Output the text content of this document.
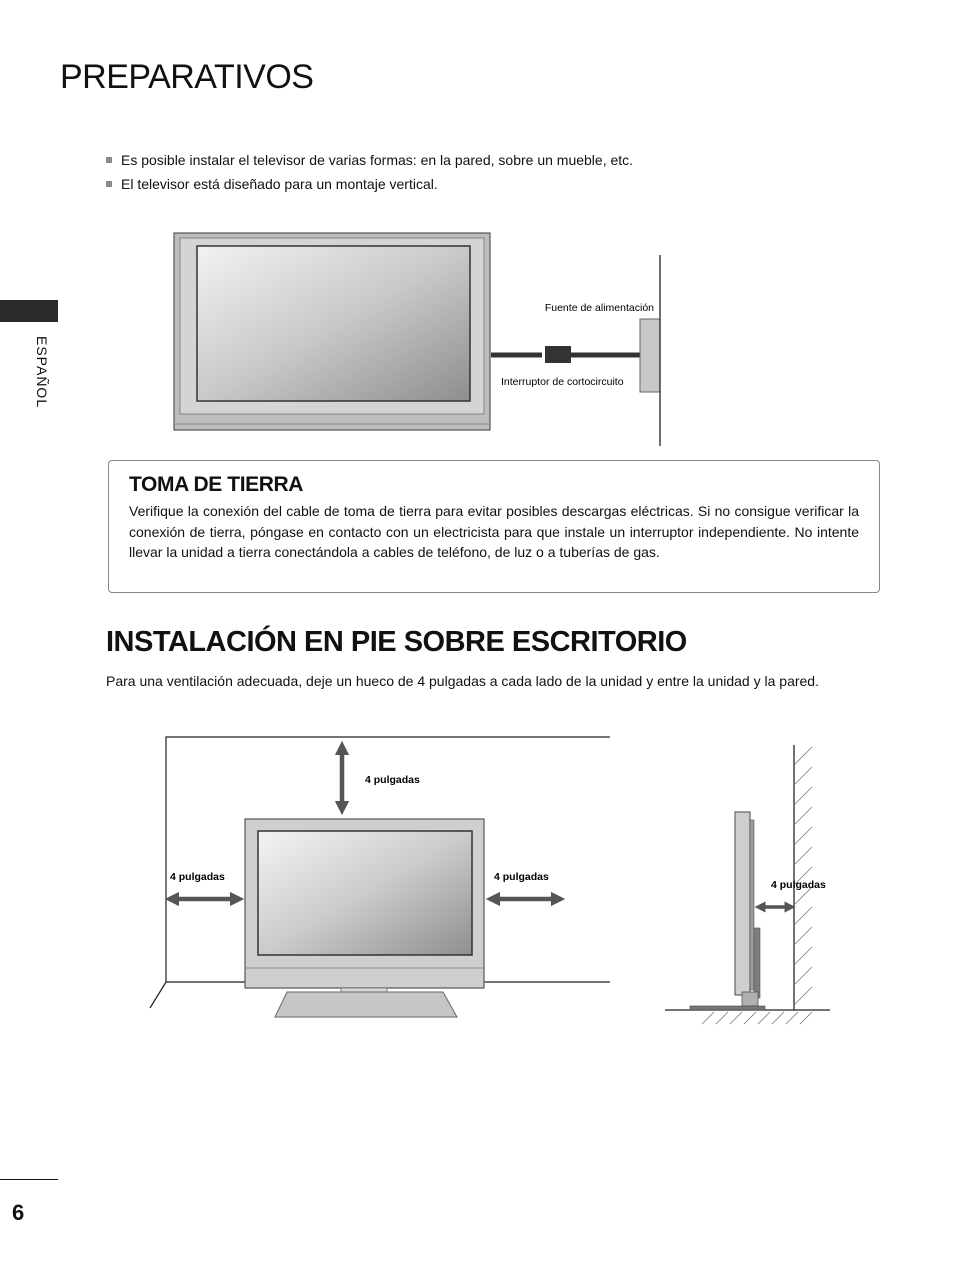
PREPARATIVOS
ESPAÑOL
Es posible instalar el televisor de varias formas: en la pared, sobre un mueble, etc.
El televisor está diseñado para un montaje vertical.
Fuente de alimentación
Interruptor de cortocircuito
TOMA DE TIERRA

Verifique la conexión del cable de toma de tierra para evitar posibles descargas eléctricas. Si no consigue verificar la conexión de tierra, póngase en contacto con un electricista para que instale un interruptor independiente. No intente llevar la unidad a tierra conectándola a cables de teléfono, de luz o a tuberías de gas.

INSTALACIÓN EN PIE SOBRE ESCRITORIO

Para una ventilación adecuada, deje un hueco de 4 pulgadas a cada lado de la unidad y entre la unidad y la pared.

4 pulgadas
4 pulgadas	4 pulgadas
4 pulgadas
6
